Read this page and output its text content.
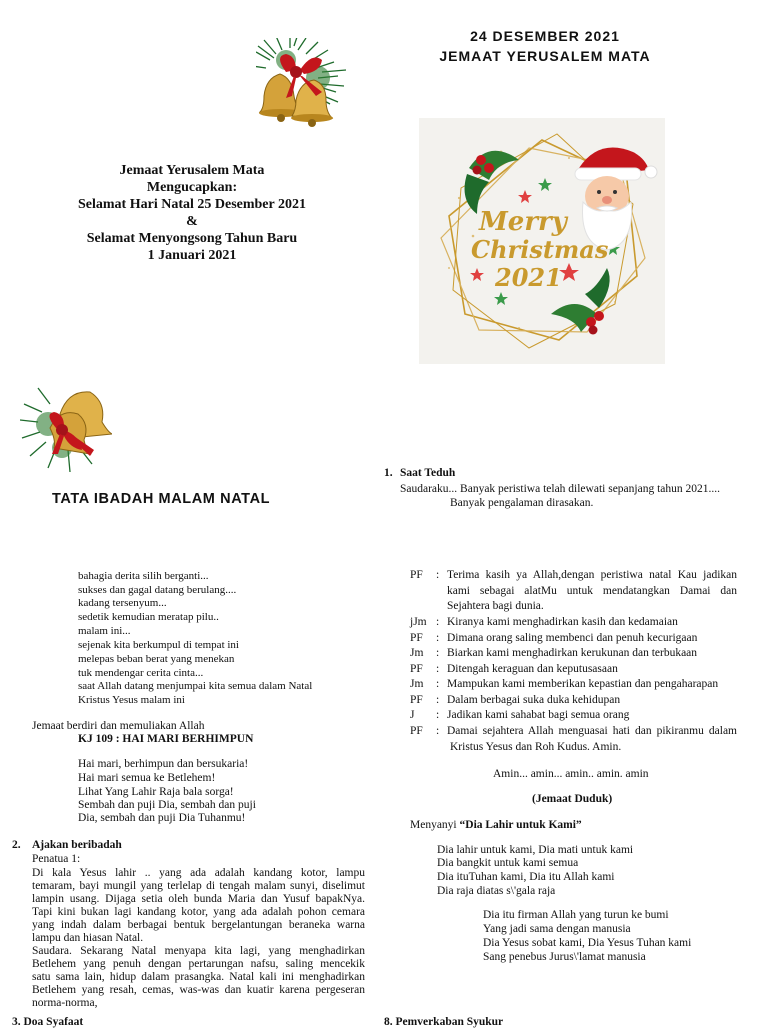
24 DESEMBER 2021
JEMAAT YERUSALEM MATA
Jemaat Yerusalem Mata
Mengucapkan:
Selamat Hari Natal 25 Desember 2021
&
Selamat Menyongsong Tahun Baru
1 Januari 2021
Merry
Christmas
2021
TATA IBADAH MALAM NATAL
bahagia derita silih berganti...
sukses dan gagal datang berulang....
kadang tersenyum...
sedetik kemudian meratap pilu..
malam ini...
sejenak kita berkumpul di tempat ini
melepas beban berat yang menekan
tuk mendengar cerita cinta...
saat Allah datang menjumpai kita semua dalam Natal
Kristus Yesus malam ini
Jemaat berdiri dan memuliakan Allah
KJ 109 : HAI MARI BERHIMPUN
Hai mari, berhimpun dan bersukaria!
Hai mari semua ke Betlehem!
Lihat Yang Lahir Raja bala sorga!
Sembah dan puji Dia, sembah dan puji
Dia, sembah dan puji Dia Tuhanmu!
2. Ajakan beribadah
Penatua 1:
Di kala Yesus lahir .. yang ada adalah kandang kotor, lampu
temaram, bayi mungil yang terlelap di tengah malam sunyi, diselimut
lampin usang. Dijaga setia oleh bunda Maria dan Yusuf bapakNya.
Tapi kini bukan lagi kandang kotor, yang ada adalah pohon cemara
yang indah dalam berbagai bentuk bergelantungan beraneka warna
lampu dan hiasan Natal.
Saudara. Sekarang Natal menyapa kita lagi, yang menghadirkan
Betlehem yang penuh dengan pertarungan nafsu, saling mencekik
satu sama lain, hidup dalam prasangka. Natal kali ini menghadirkan
Betlehem yang resah, cemas, was-was dan kuatir karena pergeseran
norma-norma,
3. Doa Syafaat
1. Saat Teduh
Saudaraku... Banyak peristiwa telah dilewati sepanjang tahun 2021....
Banyak pengalaman dirasakan.
PF : Terima kasih ya Allah,dengan peristiwa natal Kau jadikan
kami sebagai alatMu untuk mendatangkan Damai dan
Sejahtera bagi dunia.
jJm : Kiranya kami menghadirkan kasih dan kedamaian
PF : Dimana orang saling membenci dan penuh kecurigaan
Jm : Biarkan kami menghadirkan kerukunan dan terbukaan
PF : Ditengah keraguan dan keputusasaan
Jm : Mampukan kami memberikan kepastian dan pengaharapan
PF : Dalam berbagai suka duka kehidupan
J : Jadikan kami sahabat bagi semua orang
PF : Damai sejahtera Allah menguasai hati dan pikiranmu dalam
Kristus Yesus dan Roh Kudus. Amin.
Amin... amin... amin.. amin. amin
(Jemaat Duduk)
Menyanyi “Dia Lahir untuk Kami”
Dia lahir untuk kami, Dia mati untuk kami
Dia bangkit untuk kami semua
Dia ituTuhan kami, Dia itu Allah kami
Dia raja diatas s\'gala raja
Dia itu firman Allah yang turun ke bumi
Yang jadi sama dengan manusia
Dia Yesus sobat kami, Dia Yesus Tuhan kami
Sang penebus Jurus\'lamat manusia
8. Pemverkaban Syukur
